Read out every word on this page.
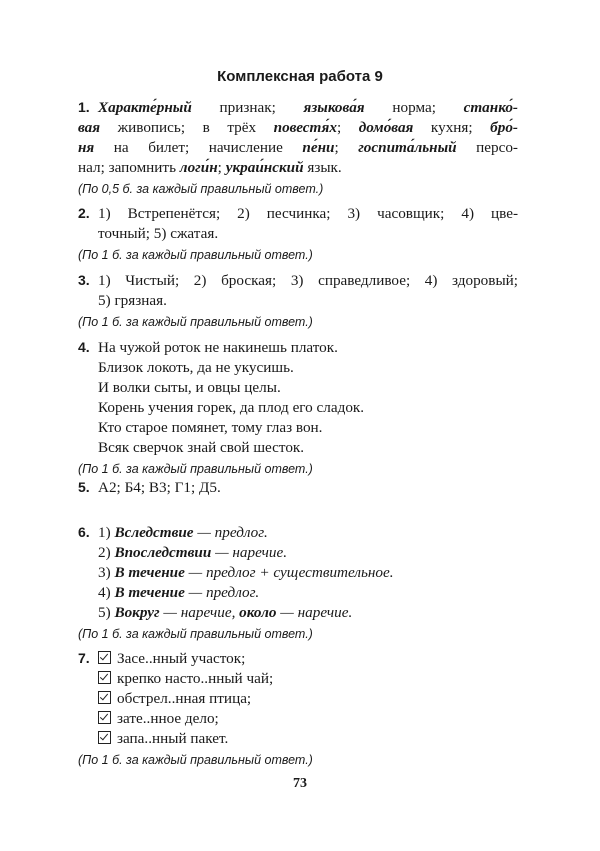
Комплексная работа 9
1. Характе́рный признак; языкова́я норма; станко́-
вая живопись; в трёх повестя́х; домо́вая кухня; бро́-
ня на билет; начисление пе́ни; госпита́льный персо-
нал; запомнить логи́н; украи́нский язык.
(По 0,5 б. за каждый правильный ответ.)
2. 1) Встрепенётся; 2) песчинка; 3) часовщик; 4) цве-
точный; 5) сжатая.
(По 1 б. за каждый правильный ответ.)
3. 1) Чистый; 2) броская; 3) справедливое; 4) здоровый;
5) грязная.
(По 1 б. за каждый правильный ответ.)
4. На чужой роток не накинешь платок.
Близок локоть, да не укусишь.
И волки сыты, и овцы целы.
Корень учения горек, да плод его сладок.
Кто старое помянет, тому глаз вон.
Всяк сверчок знай свой шесток.
(По 1 б. за каждый правильный ответ.)
5. А2; Б4; В3; Г1; Д5.
6. 1) Вследствие — предлог.
2) Впоследствии — наречие.
3) В течение — предлог + существительное.
4) В течение — предлог.
5) Вокруг — наречие, около — наречие.
(По 1 б. за каждый правильный ответ.)
7. Засе..нный участок;
крепко насто..нный чай;
обстрел..нная птица;
зате..нное дело;
запа..нный пакет.
(По 1 б. за каждый правильный ответ.)
73
